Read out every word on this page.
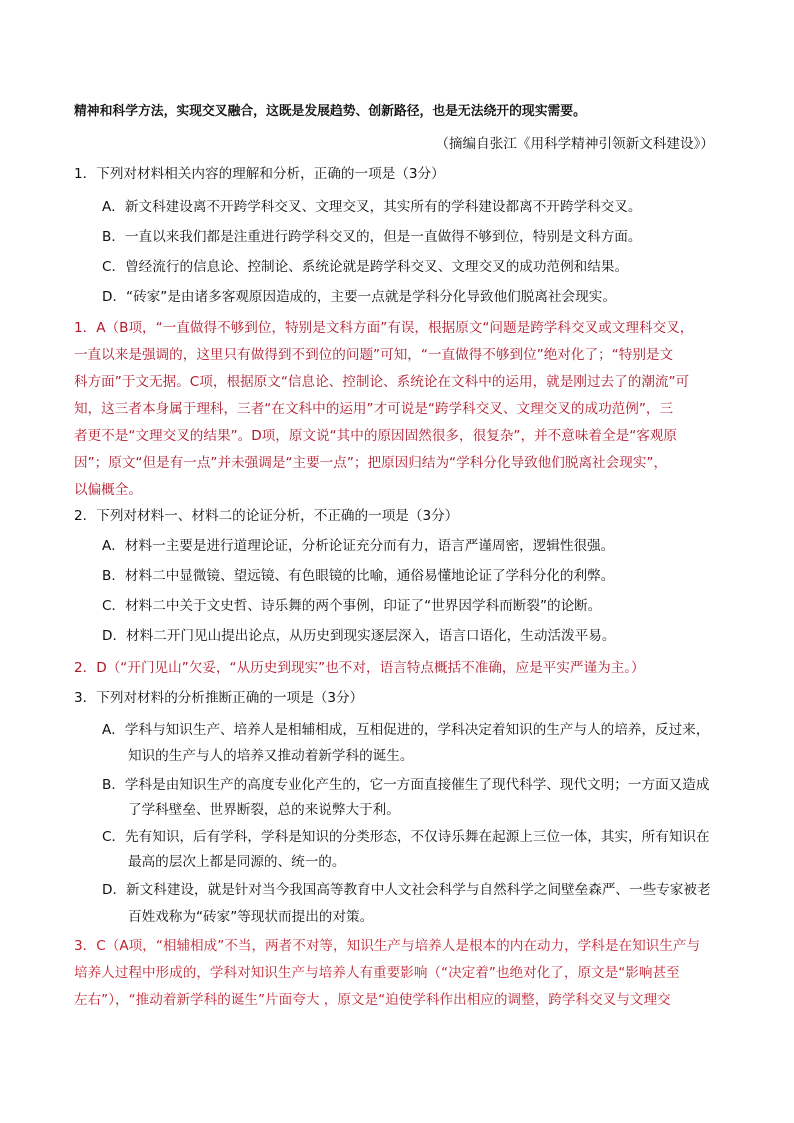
精神和科学方法，实现交叉融合，这既是发展趋势、创新路径，也是无法绕开的现实需要。
（摘编自张江《用科学精神引领新文科建设》）
1．下列对材料相关内容的理解和分析，正确的一项是（3分）
A．新文科建设离不开跨学科交叉、文理交叉，其实所有的学科建设都离不开跨学科交叉。
B．一直以来我们都是注重进行跨学科交叉的，但是一直做得不够到位，特别是文科方面。
C．曾经流行的信息论、控制论、系统论就是跨学科交叉、文理交叉的成功范例和结果。
D．“砖家”是由诸多客观原因造成的，主要一点就是学科分化导致他们脱离社会现实。
1．A（B项，“一直做得不够到位，特别是文科方面”有误，根据原文“问题是跨学科交叉或文理科交叉，
一直以来是强调的，这里只有做得到不到位的问题”可知，“一直做得不够到位”绝对化了；“特别是文
科方面”于文无据。C项，根据原文“信息论、控制论、系统论在文科中的运用，就是刚过去了的潮流”可
知，这三者本身属于理科，三者“在文科中的运用”才可说是“跨学科交叉、文理交叉的成功范例”，三
者更不是“文理交叉的结果”。D项，原文说“其中的原因固然很多，很复杂”，并不意味着全是“客观原
因”；原文“但是有一点”并未强调是“主要一点”；把原因归结为“学科分化导致他们脱离社会现实”，
以偏概全。
2．下列对材料一、材料二的论证分析，不正确的一项是（3分）
A．材料一主要是进行道理论证，分析论证充分而有力，语言严谨周密，逻辑性很强。
B．材料二中显微镜、望远镜、有色眼镜的比喻，通俗易懂地论证了学科分化的利弊。
C．材料二中关于文史哲、诗乐舞的两个事例，印证了“世界因学科而断裂”的论断。
D．材料二开门见山提出论点，从历史到现实逐层深入，语言口语化，生动活泼平易。
2．D（“开门见山”欠妥，“从历史到现实”也不对，语言特点概括不准确，应是平实严谨为主。）
3．下列对材料的分析推断正确的一项是（3分）
A．学科与知识生产、培养人是相辅相成，互相促进的，学科决定着知识的生产与人的培养，反过来，
知识的生产与人的培养又推动着新学科的诞生。
B．学科是由知识生产的高度专业化产生的，它一方面直接催生了现代科学、现代文明；一方面又造成
了学科壁垒、世界断裂，总的来说弊大于利。
C．先有知识，后有学科，学科是知识的分类形态，不仅诗乐舞在起源上三位一体，其实，所有知识在
最高的层次上都是同源的、统一的。
D．新文科建设，就是针对当今我国高等教育中人文社会科学与自然科学之间壁垒森严、一些专家被老
百姓戏称为“砖家”等现状而提出的对策。
3．C（A项，“相辅相成”不当，两者不对等，知识生产与培养人是根本的内在动力，学科是在知识生产与
培养人过程中形成的，学科对知识生产与培养人有重要影响（“决定着”也绝对化了，原文是“影响甚至
左右”），“推动着新学科的诞生”片面夸大 ，原文是“迫使学科作出相应的调整，跨学科交叉与文理交
